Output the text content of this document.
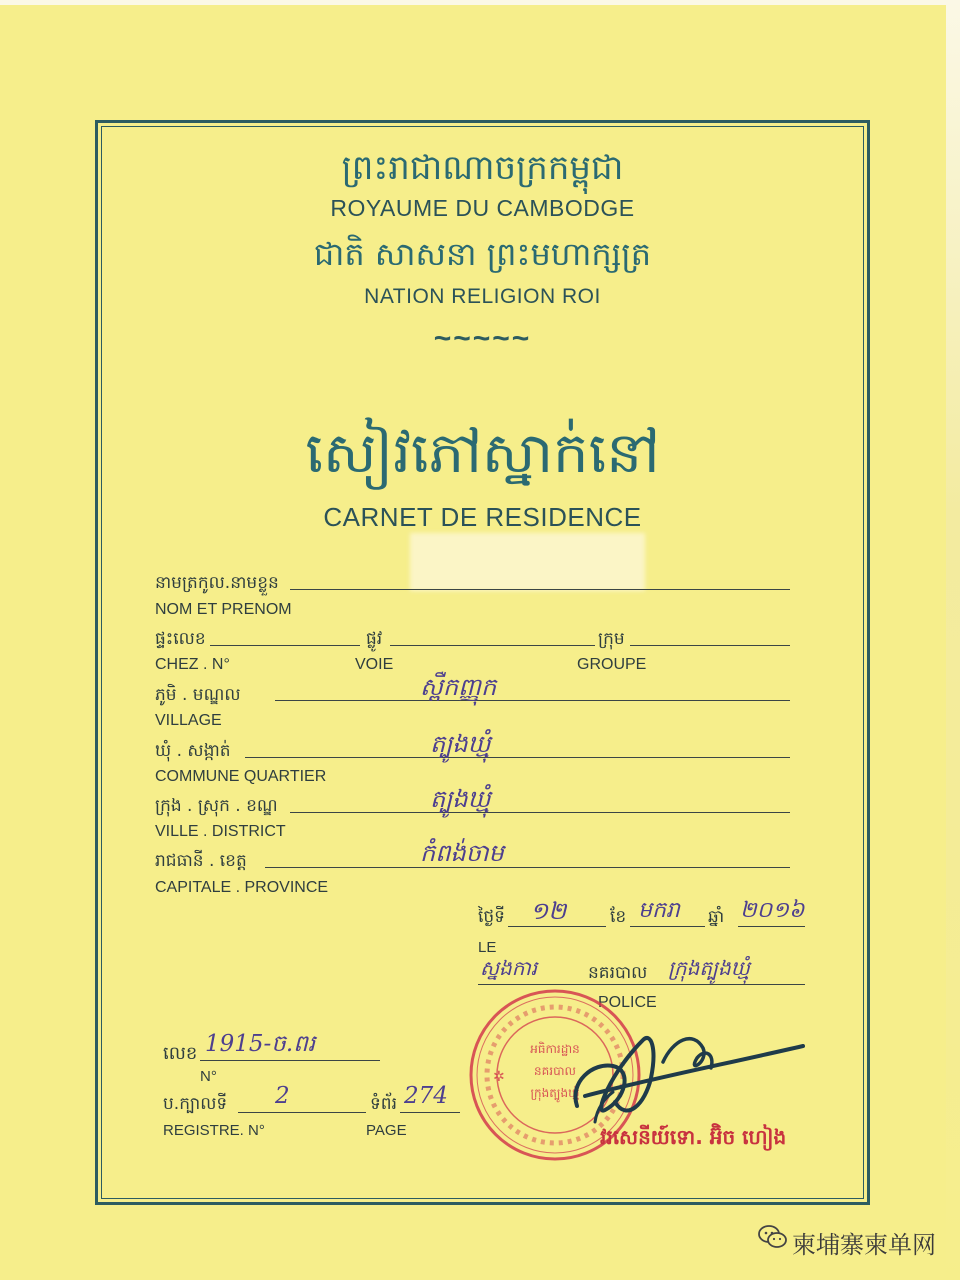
ព្រះរាជាណាចក្រកម្ពុជា
ROYAUME DU CAMBODGE
ជាតិ សាសនា ព្រះមហាក្សត្រ
NATION RELIGION ROI
~~~~~
សៀវភៅស្នាក់នៅ
CARNET DE RESIDENCE
នាមត្រកូល.នាមខ្លួន
NOM ET PRENOM
ផ្ទះលេខ	ផ្លូវ	ក្រុម
CHEZ . N°	VOIE	GROUPE
ភូមិ . មណ្ឌល	ស្ពឺកញ្ញុក
VILLAGE
ឃុំ . សង្កាត់	ត្បូងឃ្មុំ
COMMUNE QUARTIER
ក្រុង . ស្រុក . ខណ្ឌ	ត្បូងឃ្មុំ
VILLE . DISTRICT
រាជធានី . ខេត្ត	កំពង់ចាម
CAPITALE . PROVINCE
ថ្ងៃទី ១២	ខែ មករា ឆ្នាំ ២០១៦
LE
ស្នងការ	នគរបាល ក្រុងត្បូងឃ្មុំ
POLICE
លេខ 1915-ច.ពរ
N°
ប.ក្បាលទី 2	ទំព័រ 274
REGISTRE. N°	PAGE
✲
អធិការដ្ឋាន
នគរបាល
ក្រុងត្បូងឃ្មុំ
វរសេនីយ៍ទោ. អ៊ិច ហៀង
柬埔寨柬单网
